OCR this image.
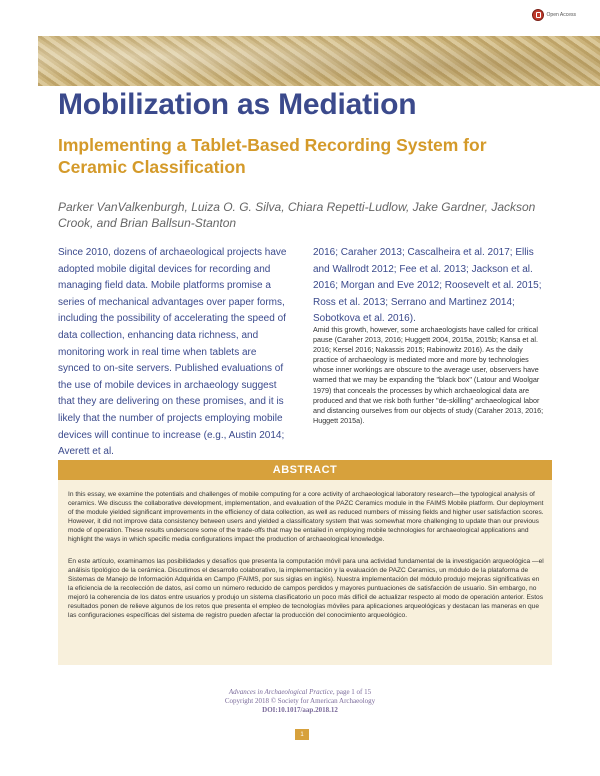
Open Access
Mobilization as Mediation
Implementing a Tablet-Based Recording System for Ceramic Classification

Parker VanValkenburgh, Luiza O. G. Silva, Chiara Repetti-Ludlow, Jake Gardner, Jackson Crook, and Brian Ballsun-Stanton

Since 2010, dozens of archaeological projects have adopted mobile digital devices for recording and managing field data. Mobile platforms promise a series of mechanical advantages over paper forms, including the possibility of accelerating the speed of data collection, enhancing data richness, and monitoring work in real time when tablets are synced to on-site servers. Published evaluations of the use of mobile devices in archaeology suggest that they are delivering on these promises, and it is likely that the number of projects employing mobile devices will continue to increase (e.g., Austin 2014; Averett et al.

2016; Caraher 2013; Cascalheira et al. 2017; Ellis and Wallrodt 2012; Fee et al. 2013; Jackson et al. 2016; Morgan and Eve 2012; Roosevelt et al. 2015; Ross et al. 2013; Serrano and Martinez 2014; Sobotkova et al. 2016).

Amid this growth, however, some archaeologists have called for critical pause (Caraher 2013, 2016; Huggett 2004, 2015a, 2015b; Kansa et al. 2016; Kersel 2016; Nakassis 2015; Rabinowitz 2016). As the daily practice of archaeology is mediated more and more by technologies whose inner workings are obscure to the average user, observers have warned that we may be expanding the "black box" (Latour and Woolgar 1979) that conceals the processes by which archaeological data are produced and that we risk both further "de-skilling" archaeological labor and distancing ourselves from our objects of study (Caraher 2013, 2016; Huggett 2015a).

ABSTRACT

In this essay, we examine the potentials and challenges of mobile computing for a core activity of archaeological laboratory research—the typological analysis of ceramics. We discuss the collaborative development, implementation, and evaluation of the PAZC Ceramics module in the FAIMS Mobile platform. Our deployment of the module yielded significant improvements in the efficiency of data collection, as well as reduced numbers of missing fields and higher user satisfaction scores. However, it did not improve data consistency between users and yielded a classificatory system that was somewhat more challenging to update than our previous mode of operation. These results underscore some of the trade-offs that may be entailed in employing mobile technologies for archaeological applications and highlight the ways in which specific media configurations impact the production of archaeological knowledge.

En este artículo, examinamos las posibilidades y desafíos que presenta la computación móvil para una actividad fundamental de la investigación arqueológica —el análisis tipológico de la cerámica. Discutimos el desarrollo colaborativo, la implementación y la evaluación de PAZC Ceramics, un módulo de la plataforma de Sistemas de Manejo de Información Adquirida en Campo (FAIMS, por sus siglas en inglés). Nuestra implementación del módulo produjo mejoras significativas en la eficiencia de la recolección de datos, así como un número reducido de campos perdidos y mayores puntuaciones de satisfacción de usuario. Sin embargo, no mejoró la coherencia de los datos entre usuarios y produjo un sistema clasificatorio un poco más difícil de actualizar respecto al modo de operación anterior. Estos resultados ponen de relieve algunos de los retos que presenta el empleo de tecnologías móviles para aplicaciones arqueológicas y destacan las maneras en que las configuraciones específicas del sistema de registro pueden afectar la producción del conocimiento arqueológico.

Advances in Archaeological Practice, page 1 of 15
Copyright 2018 © Society for American Archaeology
DOI:10.1017/aap.2018.12
1
